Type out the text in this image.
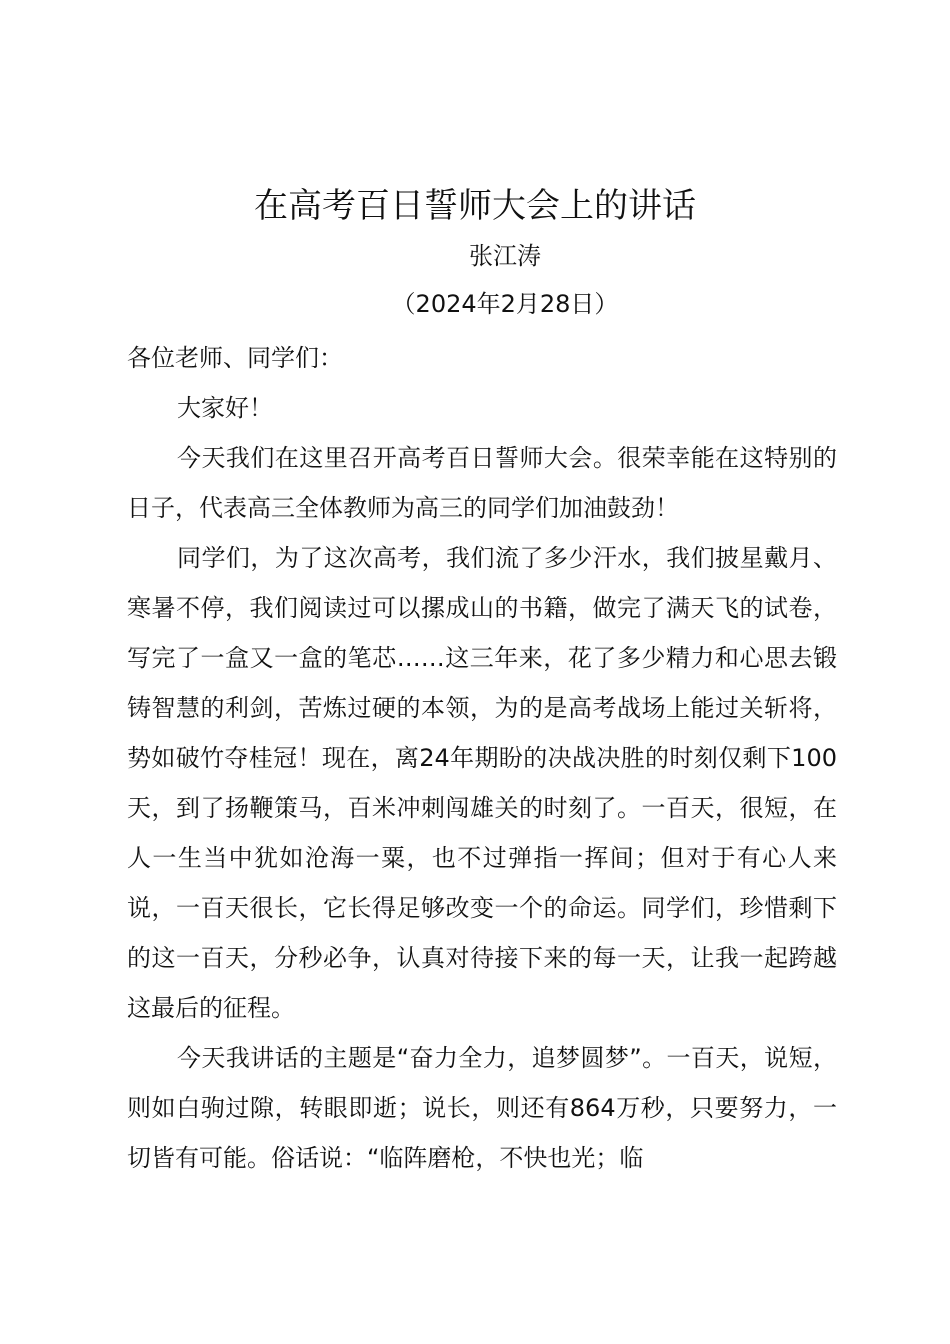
在高考百日誓师大会上的讲话
张江涛
（2024年2月28日）

各位老师、同学们：

大家好！

今天我们在这里召开高考百日誓师大会。很荣幸能在这特别的日子，代表高三全体教师为高三的同学们加油鼓劲！

同学们，为了这次高考，我们流了多少汗水，我们披星戴月、寒暑不停，我们阅读过可以摞成山的书籍，做完了满天飞的试卷，写完了一盒又一盒的笔芯……这三年来，花了多少精力和心思去锻铸智慧的利剑，苦炼过硬的本领，为的是高考战场上能过关斩将，势如破竹夺桂冠！现在，离24年期盼的决战决胜的时刻仅剩下100天，到了扬鞭策马，百米冲刺闯雄关的时刻了。一百天，很短，在人一生当中犹如沧海一粟，也不过弹指一挥间；但对于有心人来说，一百天很长，它长得足够改变一个的命运。同学们，珍惜剩下的这一百天，分秒必争，认真对待接下来的每一天，让我一起跨越这最后的征程。

今天我讲话的主题是“奋力全力，追梦圆梦”。一百天，说短，则如白驹过隙，转眼即逝；说长，则还有864万秒，只要努力，一切皆有可能。俗话说：“临阵磨枪，不快也光；临
